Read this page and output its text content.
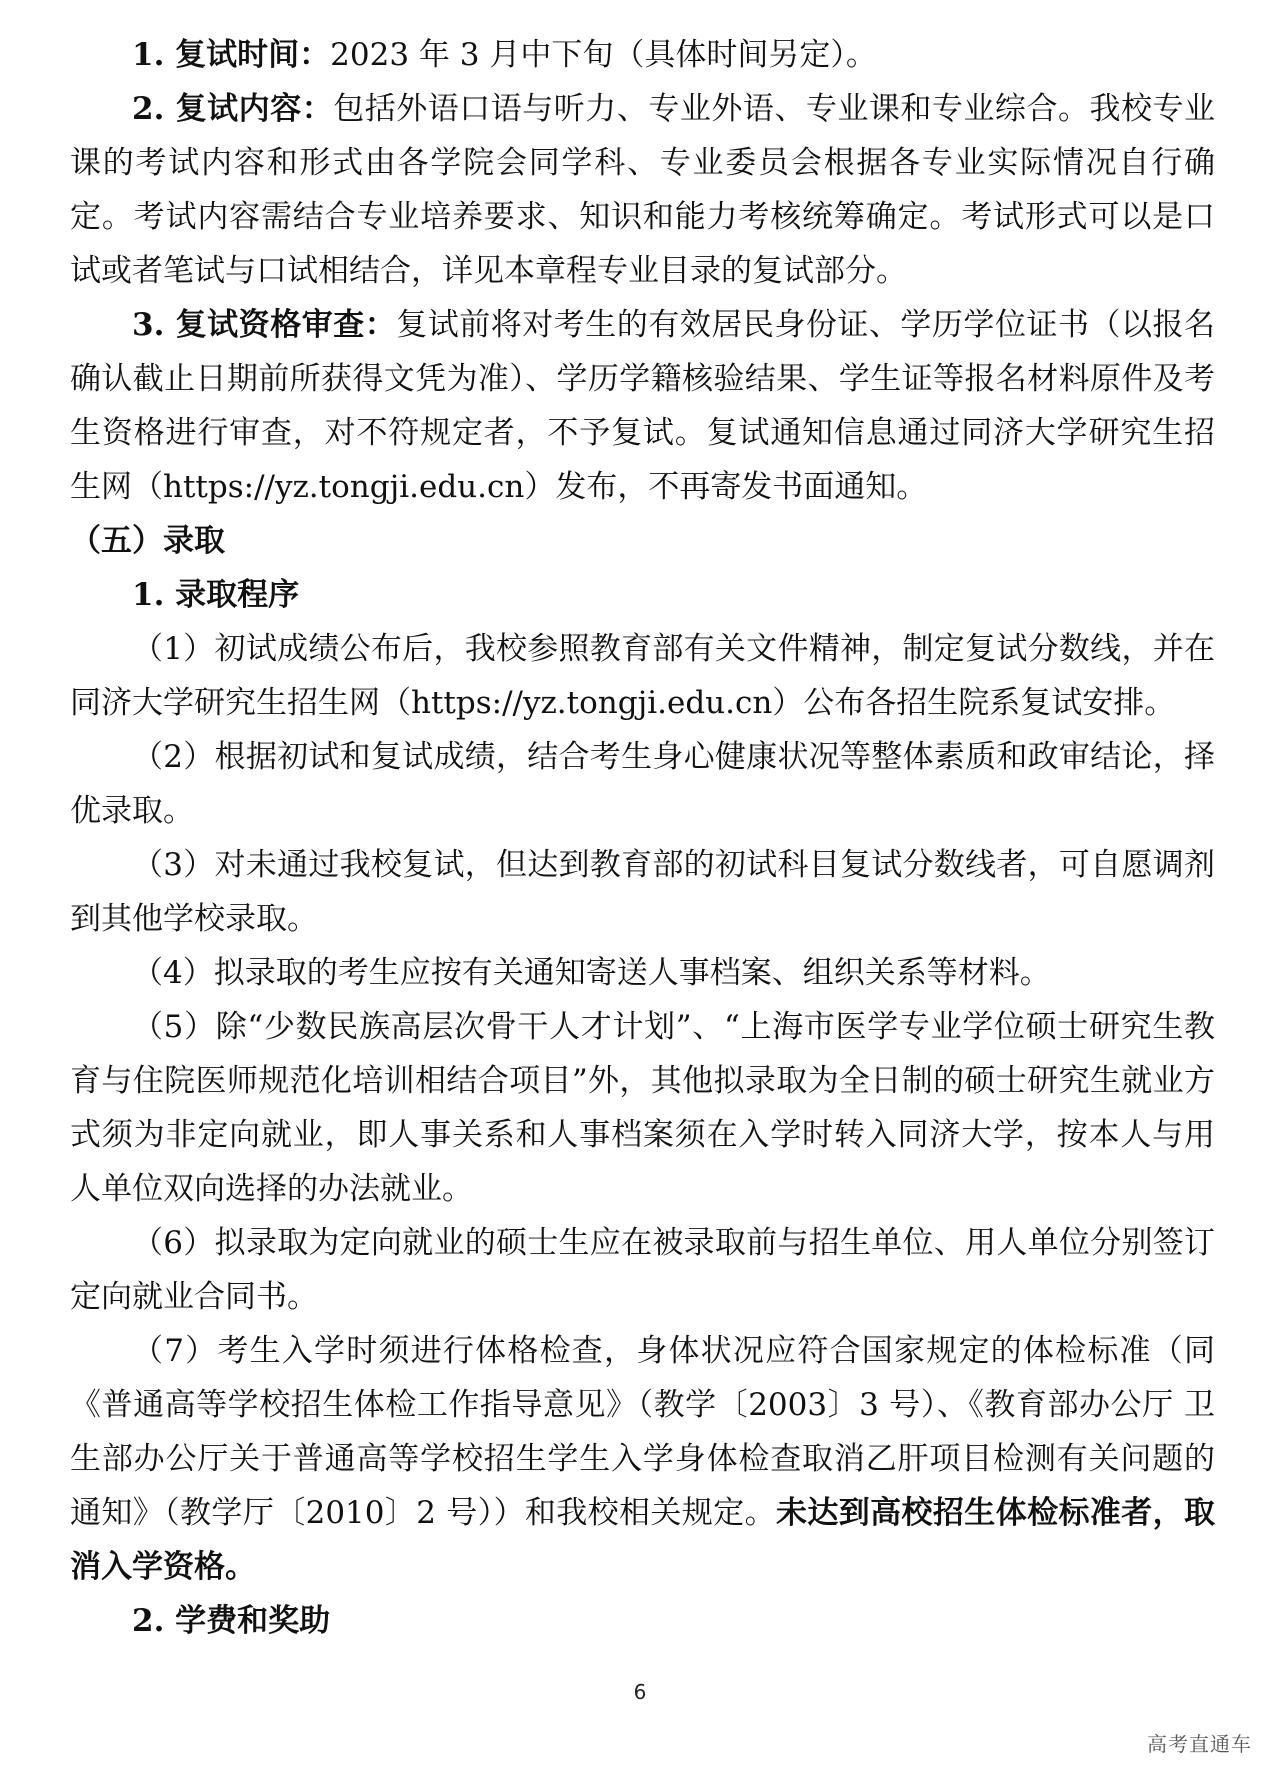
1. 复试时间：2023 年 3 月中下旬（具体时间另定）。

2. 复试内容：包括外语口语与听力、专业外语、专业课和专业综合。我校专业课的考试内容和形式由各学院会同学科、专业委员会根据各专业实际情况自行确定。考试内容需结合专业培养要求、知识和能力考核统筹确定。考试形式可以是口试或者笔试与口试相结合，详见本章程专业目录的复试部分。

3. 复试资格审查：复试前将对考生的有效居民身份证、学历学位证书（以报名确认截止日期前所获得文凭为准）、学历学籍核验结果、学生证等报名材料原件及考生资格进行审查，对不符规定者，不予复试。复试通知信息通过同济大学研究生招生网（https://yz.tongji.edu.cn）发布，不再寄发书面通知。

（五）录取

1. 录取程序

（1）初试成绩公布后，我校参照教育部有关文件精神，制定复试分数线，并在同济大学研究生招生网（https://yz.tongji.edu.cn）公布各招生院系复试安排。

（2）根据初试和复试成绩，结合考生身心健康状况等整体素质和政审结论，择优录取。

（3）对未通过我校复试，但达到教育部的初试科目复试分数线者，可自愿调剂到其他学校录取。

（4）拟录取的考生应按有关通知寄送人事档案、组织关系等材料。

（5）除“少数民族高层次骨干人才计划”、“上海市医学专业学位硕士研究生教育与住院医师规范化培训相结合项目”外，其他拟录取为全日制的硕士研究生就业方式须为非定向就业，即人事关系和人事档案须在入学时转入同济大学，按本人与用人单位双向选择的办法就业。

（6）拟录取为定向就业的硕士生应在被录取前与招生单位、用人单位分别签订定向就业合同书。

（7）考生入学时须进行体格检查，身体状况应符合国家规定的体检标准（同《普通高等学校招生体检工作指导意见》（教学〔2003〕3 号）、《教育部办公厅 卫生部办公厅关于普通高等学校招生学生入学身体检查取消乙肝项目检测有关问题的通知》（教学厅〔2010〕2 号））和我校相关规定。未达到高校招生体检标准者，取消入学资格。

2. 学费和奖助

6
高考直通车
